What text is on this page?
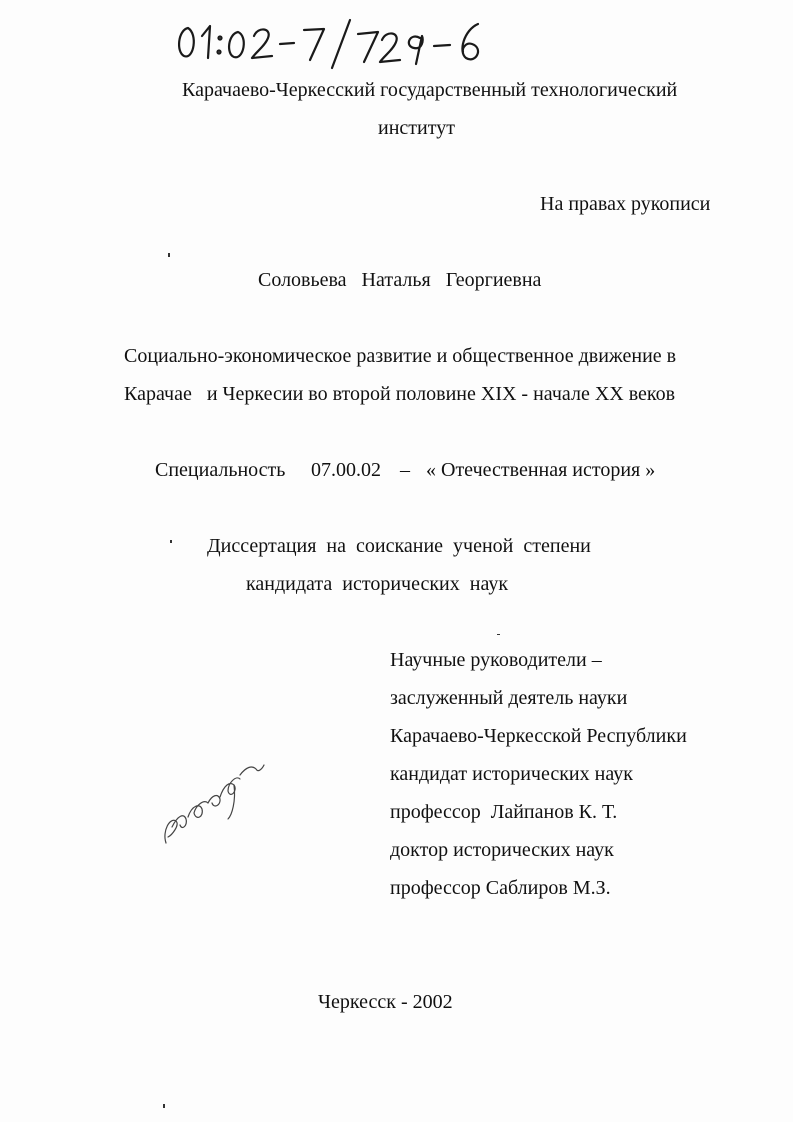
Карачаево-Черкесский государственный технологический
институт
На правах рукописи
Соловьева   Наталья   Георгиевна
Социально-экономическое развитие и общественное движение в
Карачае   и Черкесии во второй половине XIX - начале XX веков
Специальность 07.00.02 – « Отечественная история »
Диссертация  на  соискание  ученой  степени
кандидата  исторических  наук
Научные руководители –
заслуженный деятель науки
Карачаево-Черкесской Республики
кандидат исторических наук
профессор  Лайпанов К. Т.
доктор исторических наук
профессор Саблиров М.З.
Черкесск - 2002
